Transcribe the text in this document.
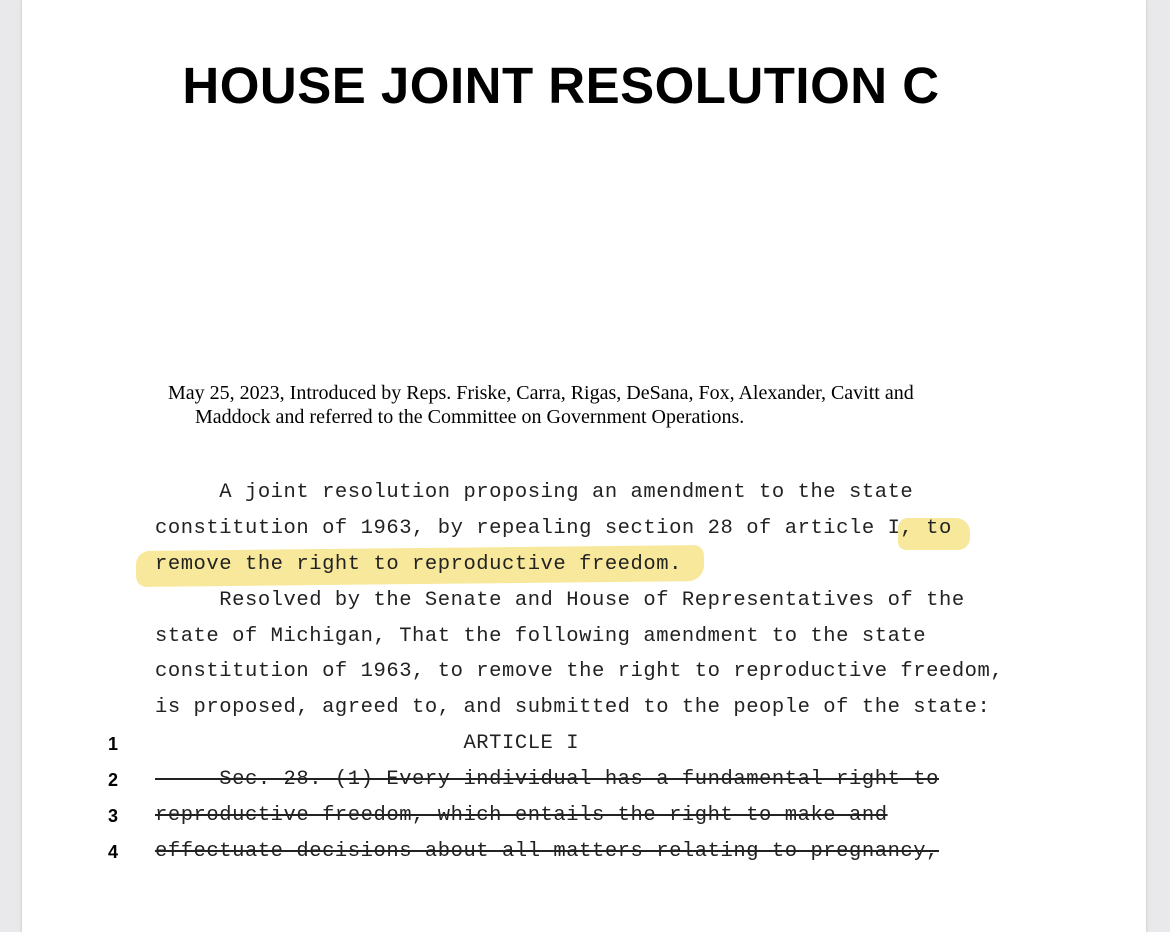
HOUSE JOINT RESOLUTION C
May 25, 2023, Introduced by Reps. Friske, Carra, Rigas, DeSana, Fox, Alexander, Cavitt and
Maddock and referred to the Committee on Government Operations.
A joint resolution proposing an amendment to the state
constitution of 1963, by repealing section 28 of article I, to
remove the right to reproductive freedom.
Resolved by the Senate and House of Representatives of the
state of Michigan, That the following amendment to the state
constitution of 1963, to remove the right to reproductive freedom,
is proposed, agreed to, and submitted to the people of the state:
1 ARTICLE I
2 Sec. 28. (1) Every individual has a fundamental right to
3 reproductive freedom, which entails the right to make and
4 effectuate decisions about all matters relating to pregnancy,
